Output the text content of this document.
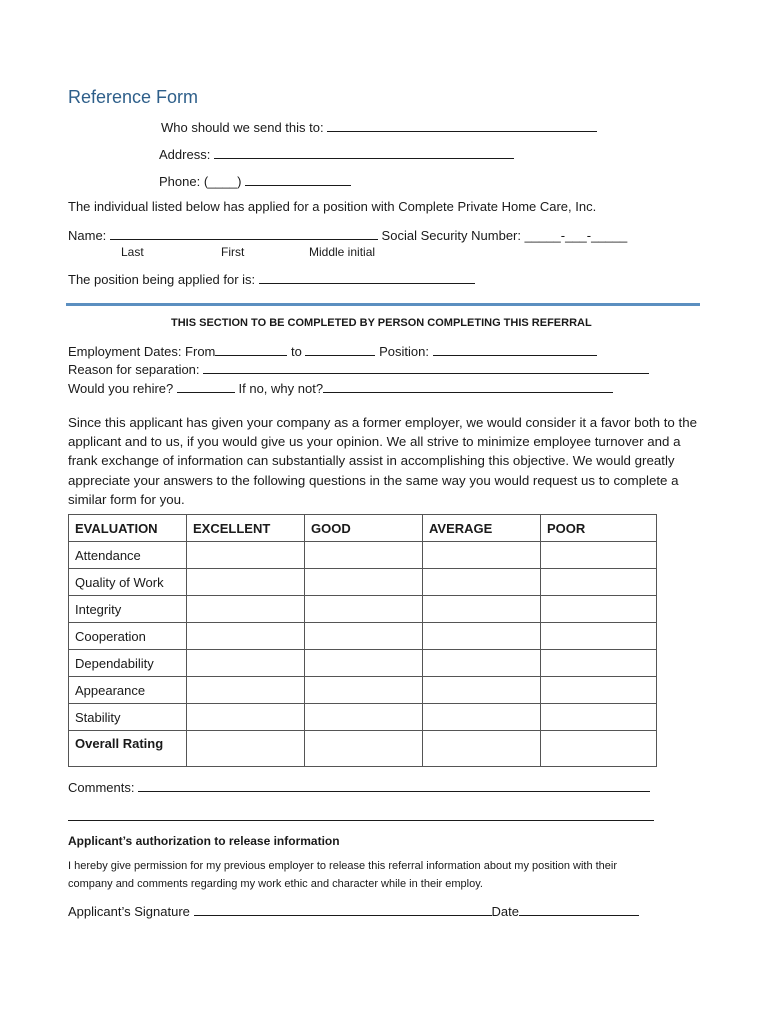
Reference Form
Who should we send this to:
Address:
Phone: (____)
The individual listed below has applied for a position with Complete Private Home Care, Inc.
Name:	Social Security Number: _____-___-_____
Last	First	Middle initial
The position being applied for is:
THIS SECTION TO BE COMPLETED BY PERSON COMPLETING THIS REFERRAL
Employment Dates: From	to	Position:
Reason for separation:
Would you rehire?	If no, why not?
Since this applicant has given your company as a former employer, we would consider it a favor both to the applicant and to us, if you would give us your opinion. We all strive to minimize employee turnover and a frank exchange of information can substantially assist in accomplishing this objective. We would greatly appreciate your answers to the following questions in the same way you would request us to complete a similar form for you.
EVALUATION	EXCELLENT	GOOD	AVERAGE	POOR
Attendance				
Quality of Work				
Integrity				
Cooperation				
Dependability				
Appearance				
Stability				
Overall Rating				
Comments:
Applicant’s authorization to release information
I hereby give permission for my previous employer to release this referral information about my position with their
company and comments regarding my work ethic and character while in their employ.
Applicant’s Signature	Date
